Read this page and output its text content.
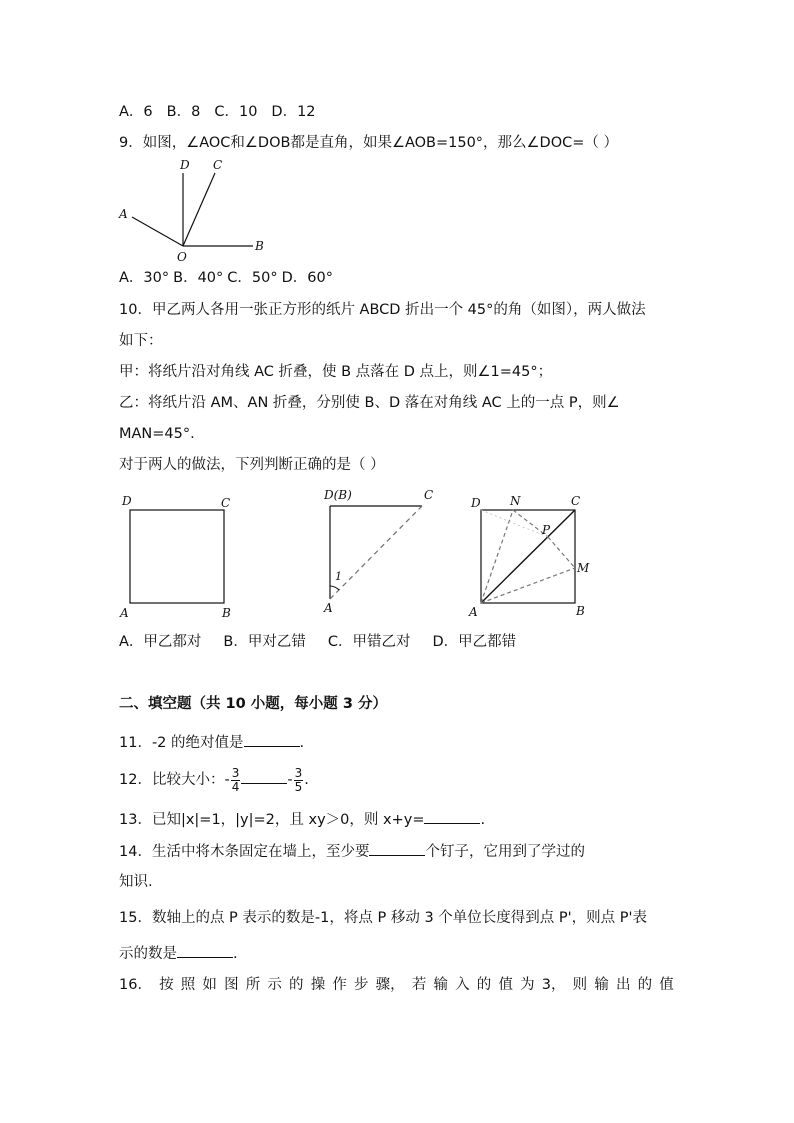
A．6 B．8 C．10 D．12
9．如图，∠AOC和∠DOB都是直角，如果∠AOB=150°，那么∠DOC=（ ）
D C
A
O
B
A．30° B．40° C．50° D．60°
10．甲乙两人各用一张正方形的纸片 ABCD 折出一个 45°的角（如图），两人做法
如下：
甲：将纸片沿对角线 AC 折叠，使 B 点落在 D 点上，则∠1=45°；
乙：将纸片沿 AM、AN 折叠，分别使 B、D 落在对角线 AC 上的一点 P，则∠
MAN=45°.
对于两人的做法，下列判断正确的是（ ）
D	C
A	B
D(B)	C
1
A
D N	C
P
M
A	B
A．甲乙都对 B．甲对乙错 C．甲错乙对 D．甲乙都错
二、填空题（共 10 小题，每小题 3 分）
11．-2 的绝对值是	.
12．比较大小：- $\frac{3}{4}$	- $\frac{3}{5}$ .
13．已知|x|=1，|y|=2，且 xy＞0，则 x+y=	.
14．生活中将木条固定在墙上，至少要	个钉子，它用到了学过的
知识.
15．数轴上的点 P 表示的数是-1，将点 P 移动 3 个单位长度得到点 P'，则点 P'表
示的数是	.
16． 按 照 如 图 所 示 的 操 作 步 骤， 若 输 入 的 值 为 3， 则 输 出 的 值
